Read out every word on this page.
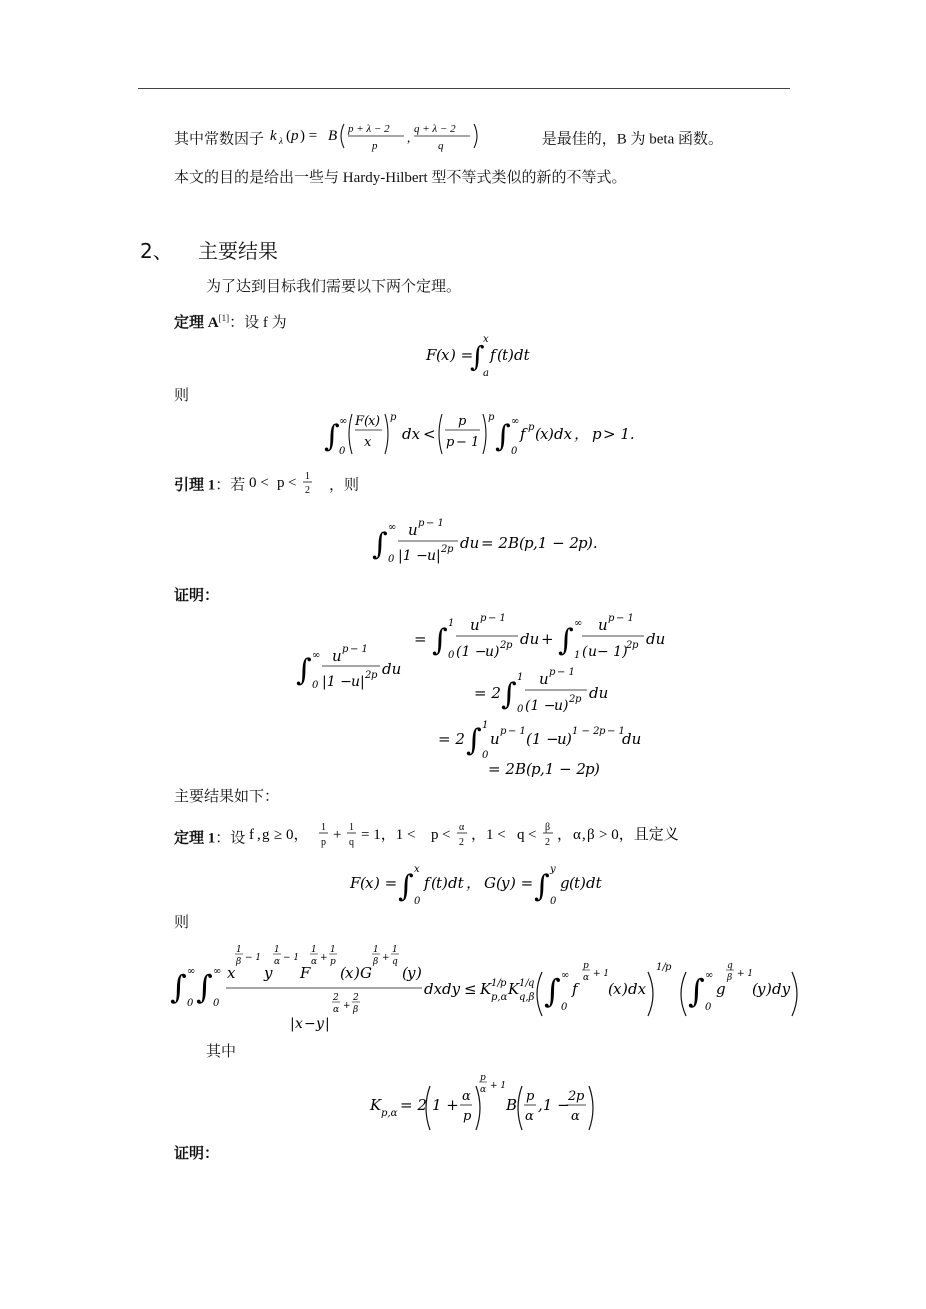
其中常数因子 k λ ( p ) = B p + λ − 2
p
,
q + λ − 2
q	是最佳的，B 为 beta 函数。
本文的目的是给出一些与 Hardy-Hilbert 型不等式类似的新的不等式。
2、 主要结果
为了达到目标我们需要以下两个定理。
定理 A[1]：设 f 为
F ( x ) =
∫
x
a
f ( t ) dt
则
∫ ∞
0
F (
x )
x
p
dx <
p
p − 1
p
∫ ∞
0
f p ( x ) dx ， p > 1.
引理 1：若 0 < p < 1
2 ，则
∫ ∞
0
u p − 1
|1 − u | 2 p du = 2 B ( p ,1 − 2 p ).
证明：
∫ ∞
0
u p − 1
|1 − u | 2 p du
= ∫ 1
0
u p − 1
(1 −
u ) 2 p du + ∫ ∞
1
u p − 1
( u − 1)
2 p du
= 2 ∫ 1
0
u p − 1
(1 −
u ) 2 p du
= 2 ∫ 1
0
u p − 1 (1 −
u ) 1 − 2 p − 1
du
= 2 B ( p ,1 − 2 p )
主要结果如下：
定理 1：设 f , g ≥ 0， 1
p + 1
q = 1，1 < p < α
2 ，1 < q < β
2 ， α , β > 0，且定义
F ( x ) = ∫ x
0
f ( t ) dt ， G ( y ) = ∫ y
0
g ( t ) dt
则
∫ ∞
0 ∫ ∞
0
x
1
β − 1
y
1
α − 1
F
1
α +
1
p
( x ) G
1
β +
1
q
( y )
| x − y |
2
α +
2
β
dxdy ≤ K 1/ p
p,α K 1/ q
q,β ∫ ∞
0
f
p
α + 1
( x ) dx
1/ p
∫ ∞
0
g
q
β + 1
( y ) dy
其中
K p,α = 2 1 + α
p
p
α + 1
B p
α
,1 −
2 p
α
证明：
